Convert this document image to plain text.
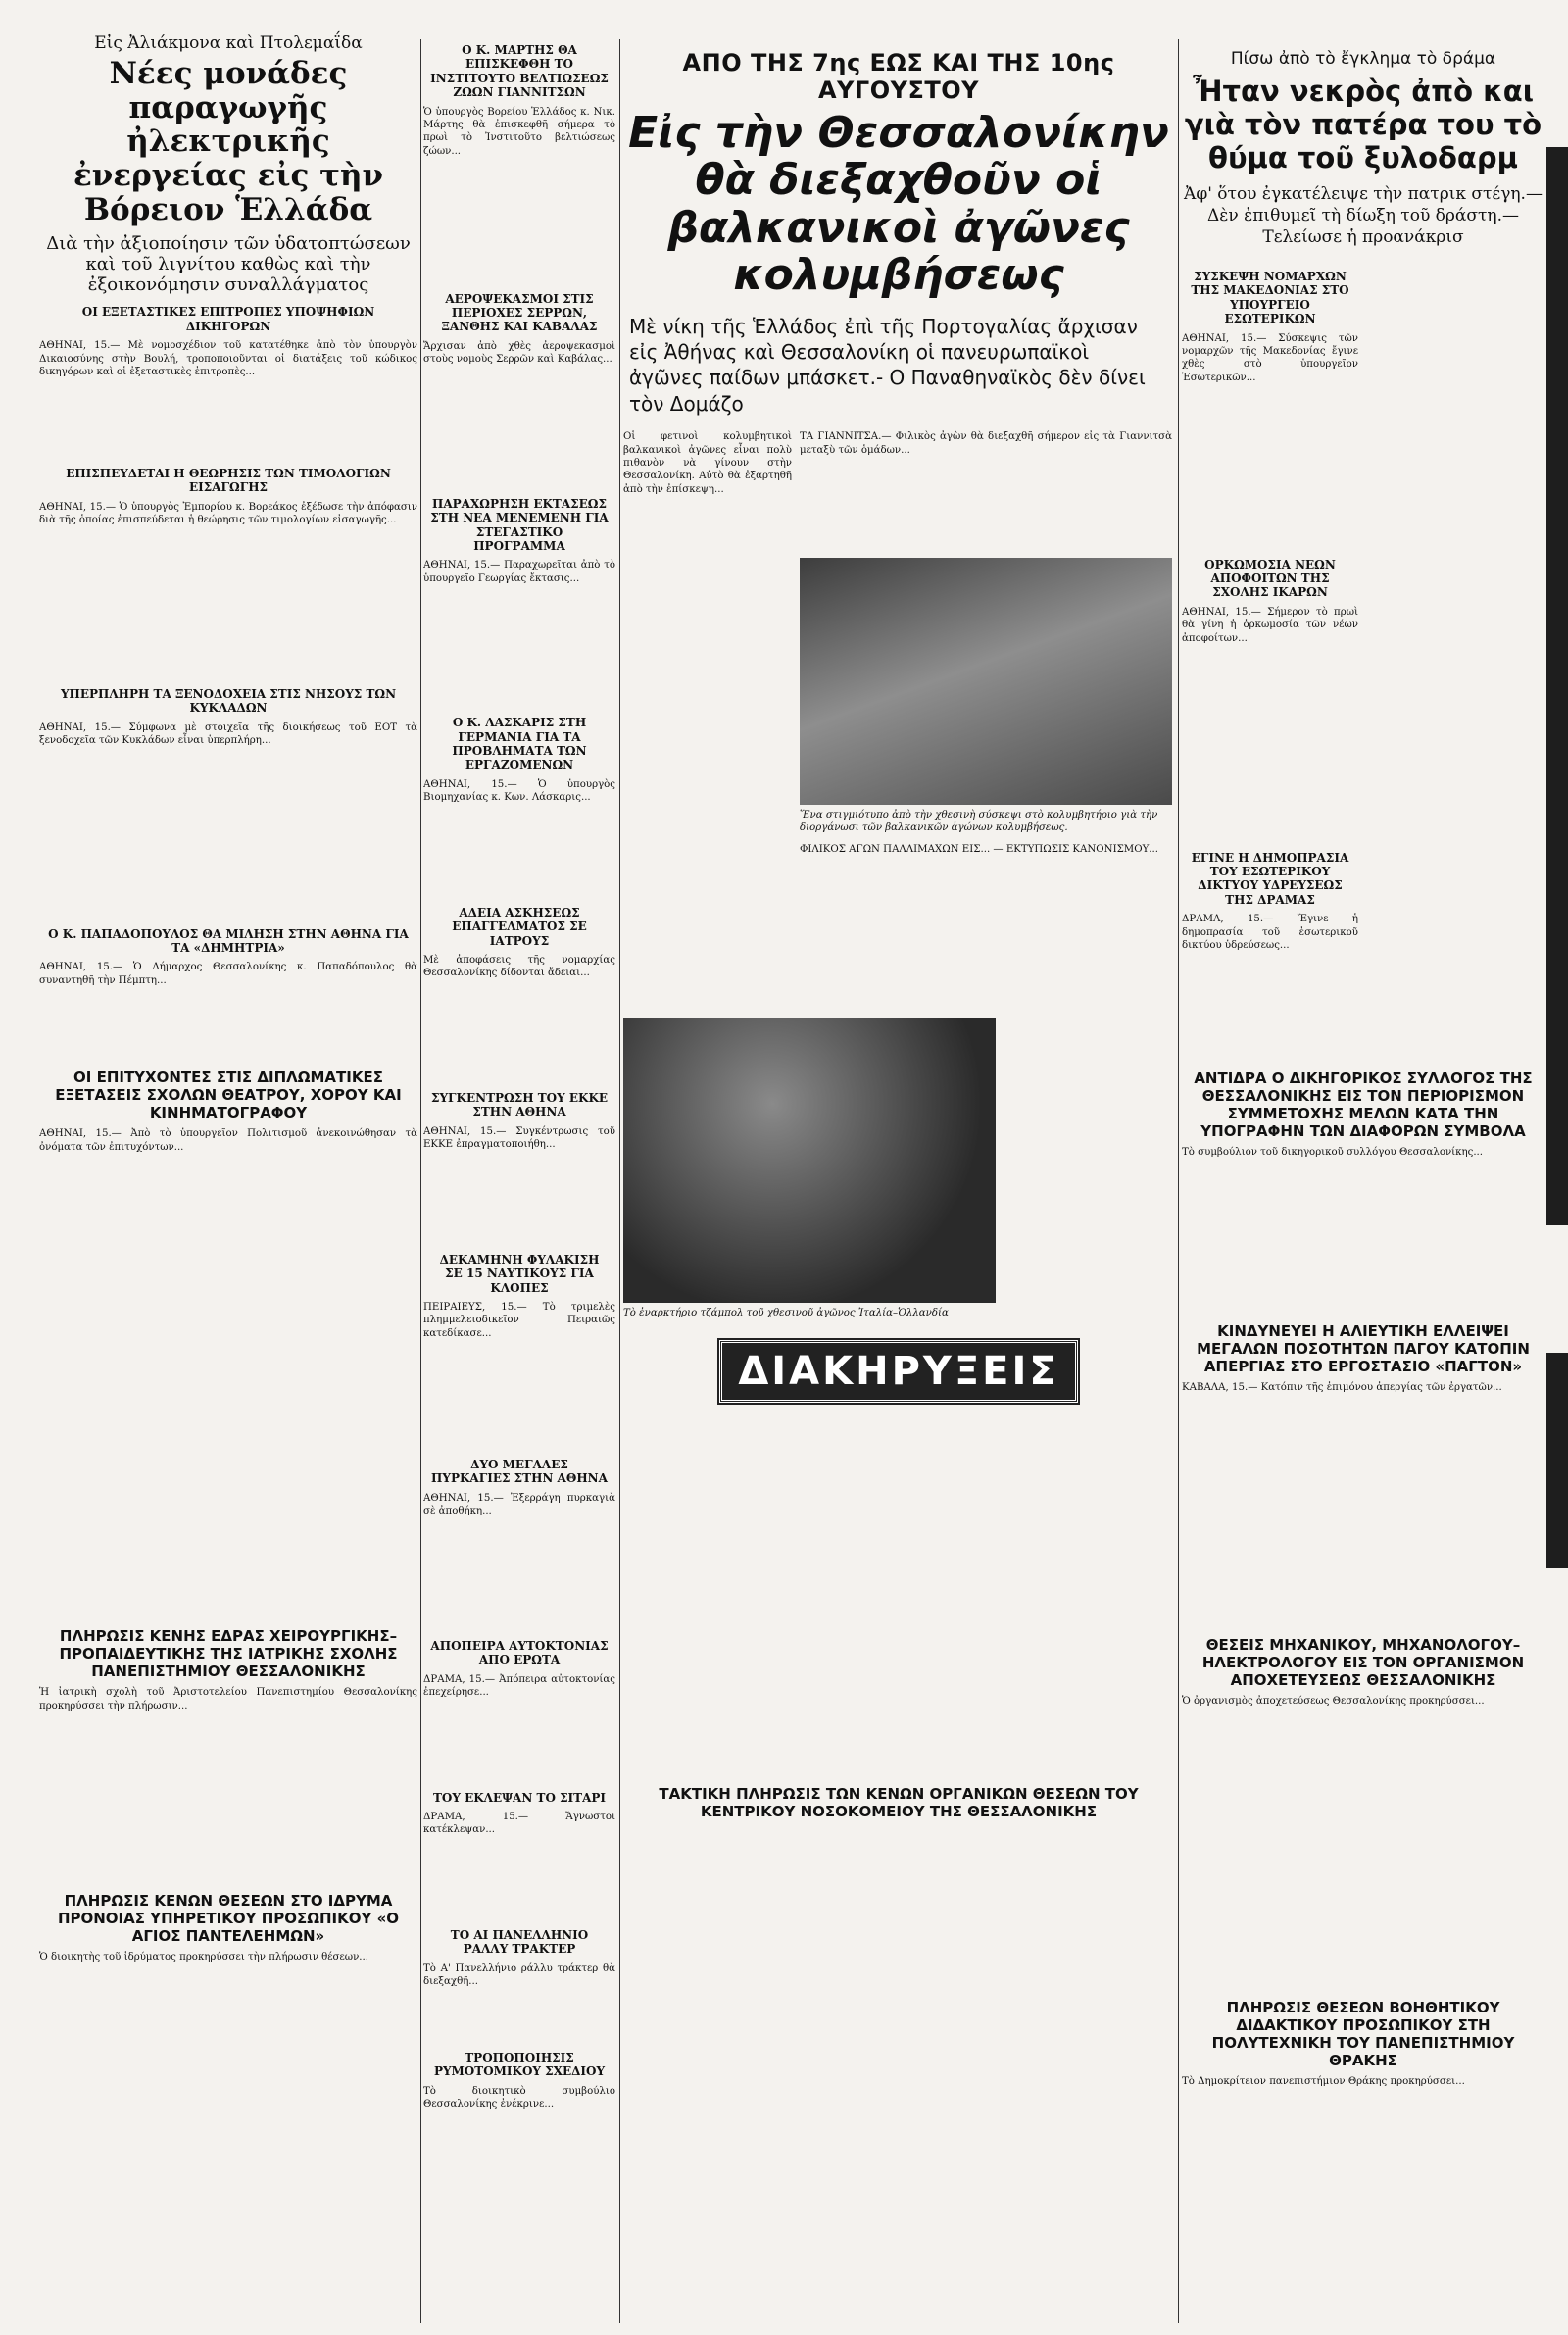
Εἰς Ἀλιάκμονα καὶ Πτολεμαΐδα
Νέες μονάδες παραγωγῆς ἠλεκτρικῆς ἐνεργείας εἰς τὴν Βόρειον Ἑλλάδα
Διὰ τὴν ἀξιοποίησιν τῶν ὑδατοπτώσεων καὶ τοῦ λιγνίτου καθὼς καὶ τὴν ἐξοικονόμησιν συναλλάγματος
ΟΙ ΕΞΕΤΑΣΤΙΚΕΣ ΕΠΙΤΡΟΠΕΣ ΥΠΟΨΗΦΙΩΝ ΔΙΚΗΓΟΡΩΝ

ΑΘΗΝΑΙ, 15.— Μὲ νομοσχέδιον τοῦ κατατέθηκε ἀπὸ τὸν ὑπουργὸν Δικαιοσύνης στὴν Βουλή, τροποποιοῦνται οἱ διατάξεις τοῦ κώδικος δικηγόρων καὶ οἱ ἐξεταστικὲς ἐπιτροπὲς...

ΕΠΙΣΠΕΥΔΕΤΑΙ Η ΘΕΩΡΗΣΙΣ ΤΩΝ ΤΙΜΟΛΟΓΙΩΝ ΕΙΣΑΓΩΓΗΣ

ΑΘΗΝΑΙ, 15.— Ὁ ὑπουργὸς Ἐμπορίου κ. Βορεάκος ἐξέδωσε τὴν ἀπόφασιν διὰ τῆς ὁποίας ἐπισπεύδεται ἡ θεώρησις τῶν τιμολογίων εἰσαγωγῆς...

ΥΠΕΡΠΛΗΡΗ ΤΑ ΞΕΝΟΔΟΧΕΙΑ ΣΤΙΣ ΝΗΣΟΥΣ ΤΩΝ ΚΥΚΛΑΔΩΝ

ΑΘΗΝΑΙ, 15.— Σύμφωνα μὲ στοιχεῖα τῆς διοικήσεως τοῦ ΕΟΤ τὰ ξενοδοχεῖα τῶν Κυκλάδων εἶναι ὑπερπλήρη...

Ο Κ. ΠΑΠΑΔΟΠΟΥΛΟΣ ΘΑ ΜΙΛΗΣΗ ΣΤΗΝ ΑΘΗΝΑ ΓΙΑ ΤΑ «ΔΗΜΗΤΡΙΑ»

ΑΘΗΝΑΙ, 15.— Ὁ Δήμαρχος Θεσσαλονίκης κ. Παπαδόπουλος θὰ συναντηθῆ τὴν Πέμπτη...

ΟΙ ΕΠΙΤΥΧΟΝΤΕΣ ΣΤΙΣ ΔΙΠΛΩΜΑΤΙΚΕΣ ΕΞΕΤΑΣΕΙΣ ΣΧΟΛΩΝ ΘΕΑΤΡΟΥ, ΧΟΡΟΥ ΚΑΙ ΚΙΝΗΜΑΤΟΓΡΑΦΟΥ

ΑΘΗΝΑΙ, 15.— Ἀπὸ τὸ ὑπουργεῖον Πολιτισμοῦ ἀνεκοινώθησαν τὰ ὀνόματα τῶν ἐπιτυχόντων...

ΠΛΗΡΩΣΙΣ ΚΕΝΗΣ ΕΔΡΑΣ ΧΕΙΡΟΥΡΓΙΚΗΣ–ΠΡΟΠΑΙΔΕΥΤΙΚΗΣ ΤΗΣ ΙΑΤΡΙΚΗΣ ΣΧΟΛΗΣ ΠΑΝΕΠΙΣΤΗΜΙΟΥ ΘΕΣΣΑΛΟΝΙΚΗΣ

Ἡ ἰατρικὴ σχολὴ τοῦ Ἀριστοτελείου Πανεπιστημίου Θεσσαλονίκης προκηρύσσει τὴν πλήρωσιν...

ΠΛΗΡΩΣΙΣ ΚΕΝΩΝ ΘΕΣΕΩΝ ΣΤΟ ΙΔΡΥΜΑ ΠΡΟΝΟΙΑΣ ΥΠΗΡΕΤΙΚΟΥ ΠΡΟΣΩΠΙΚΟΥ «Ο ΑΓΙΟΣ ΠΑΝΤΕΛΕΗΜΩΝ»

Ὁ διοικητὴς τοῦ ἱδρύματος προκηρύσσει τὴν πλήρωσιν θέσεων...

Ο Κ. ΜΑΡΤΗΣ ΘΑ ΕΠΙΣΚΕΦΘΗ ΤΟ ΙΝΣΤΙΤΟΥΤΟ ΒΕΛΤΙΩΣΕΩΣ ΖΩΩΝ ΓΙΑΝΝΙΤΣΩΝ

Ὁ ὑπουργὸς Βορείου Ἑλλάδος κ. Νικ. Μάρτης θὰ ἐπισκεφθῆ σήμερα τὸ πρωὶ τὸ Ἰνστιτοῦτο βελτιώσεως ζώων...

ΑΕΡΟΨΕΚΑΣΜΟΙ ΣΤΙΣ ΠΕΡΙΟΧΕΣ ΣΕΡΡΩΝ, ΞΑΝΘΗΣ ΚΑΙ ΚΑΒΑΛΑΣ

Ἄρχισαν ἀπὸ χθὲς ἀεροψεκασμοὶ στοὺς νομοὺς Σερρῶν καὶ Καβάλας...

ΠΑΡΑΧΩΡΗΣΗ ΕΚΤΑΣΕΩΣ ΣΤΗ ΝΕΑ ΜΕΝΕΜΕΝΗ ΓΙΑ ΣΤΕΓΑΣΤΙΚΟ ΠΡΟΓΡΑΜΜΑ

ΑΘΗΝΑΙ, 15.— Παραχωρεῖται ἀπὸ τὸ ὑπουργεῖο Γεωργίας ἔκτασις...

Ο Κ. ΛΑΣΚΑΡΙΣ ΣΤΗ ΓΕΡΜΑΝΙΑ ΓΙΑ ΤΑ ΠΡΟΒΛΗΜΑΤΑ ΤΩΝ ΕΡΓΑΖΟΜΕΝΩΝ

ΑΘΗΝΑΙ, 15.— Ὁ ὑπουργὸς Βιομηχανίας κ. Κων. Λάσκαρις...

ΑΔΕΙΑ ΑΣΚΗΣΕΩΣ ΕΠΑΓΓΕΛΜΑΤΟΣ ΣΕ ΙΑΤΡΟΥΣ

Μὲ ἀποφάσεις τῆς νομαρχίας Θεσσαλονίκης δίδονται ἄδειαι...

ΣΥΓΚΕΝΤΡΩΣΗ ΤΟΥ ΕΚΚΕ ΣΤΗΝ ΑΘΗΝΑ

ΑΘΗΝΑΙ, 15.— Συγκέντρωσις τοῦ ΕΚΚΕ ἐπραγματοποιήθη...

ΔΕΚΑΜΗΝΗ ΦΥΛΑΚΙΣΗ ΣΕ 15 ΝΑΥΤΙΚΟΥΣ ΓΙΑ ΚΛΟΠΕΣ

ΠΕΙΡΑΙΕΥΣ, 15.— Τὸ τριμελὲς πλημμελειοδικεῖον Πειραιῶς κατεδίκασε...

ΔΥΟ ΜΕΓΑΛΕΣ ΠΥΡΚΑΓΙΕΣ ΣΤΗΝ ΑΘΗΝΑ

ΑΘΗΝΑΙ, 15.— Ἐξερράγη πυρκαγιὰ σὲ ἀποθήκη...

ΑΠΟΠΕΙΡΑ ΑΥΤΟΚΤΟΝΙΑΣ ΑΠΟ ΕΡΩΤΑ

ΔΡΑΜΑ, 15.— Ἀπόπειρα αὐτοκτονίας ἐπεχείρησε...

ΤΟΥ ΕΚΛΕΨΑΝ ΤΟ ΣΙΤΑΡΙ

ΔΡΑΜΑ, 15.— Ἄγνωστοι κατέκλεψαν...

ΤΟ ΑΙ ΠΑΝΕΛΛΗΝΙΟ ΡΑΛΛΥ ΤΡΑΚΤΕΡ

Τὸ Α' Πανελλήνιο ράλλυ τράκτερ θὰ διεξαχθῆ...

ΤΡΟΠΟΠΟΙΗΣΙΣ ΡΥΜΟΤΟΜΙΚΟΥ ΣΧΕΔΙΟΥ

Τὸ διοικητικὸ συμβούλιο Θεσσαλονίκης ἐνέκρινε...

ΑΠΟ ΤΗΣ 7ης ΕΩΣ ΚΑΙ ΤΗΣ 10ης ΑΥΓΟΥΣΤΟΥ
Εἰς τὴν Θεσσαλονίκην θὰ διεξαχθοῦν οἱ βαλκανικοὶ ἀγῶνες κολυμβήσεως
Μὲ νίκη τῆς Ἑλλάδος ἐπὶ τῆς Πορτογαλίας ἄρχισαν εἰς Ἀθήνας καὶ Θεσσαλονίκη οἱ πανευρωπαϊκοὶ ἀγῶνες παίδων μπάσκετ.- Ο Παναθηναϊκὸς δὲν δίνει τὸν Δομάζο

Οἱ φετινοὶ κολυμβητικοὶ βαλκανικοὶ ἀγῶνες εἶναι πολὺ πιθανὸν νὰ γίνουν στὴν Θεσσαλονίκη. Αὐτὸ θὰ ἐξαρτηθῆ ἀπὸ τὴν ἐπίσκεψη...

ΤΑ ΓΙΑΝΝΙΤΣΑ.— Φιλικὸς ἀγὼν θὰ διεξαχθῆ σήμερον εἰς τὰ Γιαννιτσὰ μεταξὺ τῶν ὁμάδων...

Ἕνα στιγμιότυπο ἀπὸ τὴν χθεσινὴ σύσκεψι στὸ κολυμβητήριο γιὰ τὴν διοργάνωσι τῶν βαλκανικῶν ἀγώνων κολυμβήσεως.

ΦΙΛΙΚΟΣ ΑΓΩΝ ΠΑΛΛΙΜΑΧΩΝ ΕΙΣ... — ΕΚΤΥΠΩΣΙΣ ΚΑΝΟΝΙΣΜΟΥ...

Τὸ ἐναρκτήριο τζάμπολ τοῦ χθεσινοῦ ἀγῶνος Ἰταλία–Ὁλλανδία

ΔΙΑΚΗΡΥΞΕΙΣ

ΤΑΚΤΙΚΗ ΠΛΗΡΩΣΙΣ ΤΩΝ ΚΕΝΩΝ ΟΡΓΑΝΙΚΩΝ ΘΕΣΕΩΝ ΤΟΥ ΚΕΝΤΡΙΚΟΥ ΝΟΣΟΚΟΜΕΙΟΥ ΤΗΣ ΘΕΣΣΑΛΟΝΙΚΗΣ

Πίσω ἀπὸ τὸ ἔγκλημα τὸ δράμα
Ἦταν νεκρὸς ἀπὸ και γιὰ τὸν πατέρα του τὸ θύμα τοῦ ξυλοδαρμ
Ἀφ' ὅτου ἐγκατέλειψε τὴν πατρικ στέγη.— Δὲν ἐπιθυμεῖ τὴ δίωξη τοῦ δράστη.— Τελείωσε ἡ προανάκρισ
ΣΥΣΚΕΨΗ ΝΟΜΑΡΧΩΝ ΤΗΣ ΜΑΚΕΔΟΝΙΑΣ ΣΤΟ ΥΠΟΥΡΓΕΙΟ ΕΣΩΤΕΡΙΚΩΝ

ΑΘΗΝΑΙ, 15.— Σύσκεψις τῶν νομαρχῶν τῆς Μακεδονίας ἔγινε χθὲς στὸ ὑπουργεῖον Ἐσωτερικῶν...

ΟΡΚΩΜΟΣΙΑ ΝΕΩΝ ΑΠΟΦΟΙΤΩΝ ΤΗΣ ΣΧΟΛΗΣ ΙΚΑΡΩΝ

ΑΘΗΝΑΙ, 15.— Σήμερον τὸ πρωὶ θὰ γίνη ἡ ὁρκωμοσία τῶν νέων ἀποφοίτων...

ΕΓΙΝΕ Η ΔΗΜΟΠΡΑΣΙΑ ΤΟΥ ΕΣΩΤΕΡΙΚΟΥ ΔΙΚΤΥΟΥ ΥΔΡΕΥΣΕΩΣ ΤΗΣ ΔΡΑΜΑΣ

ΔΡΑΜΑ, 15.— Ἔγινε ἡ δημοπρασία τοῦ ἐσωτερικοῦ δικτύου ὑδρεύσεως...

ΑΝΤΙΔΡΑ Ο ΔΙΚΗΓΟΡΙΚΟΣ ΣΥΛΛΟΓΟΣ ΤΗΣ ΘΕΣΣΑΛΟΝΙΚΗΣ ΕΙΣ ΤΟΝ ΠΕΡΙΟΡΙΣΜΟΝ ΣΥΜΜΕΤΟΧΗΣ ΜΕΛΩΝ ΚΑΤΑ ΤΗΝ ΥΠΟΓΡΑΦΗΝ ΤΩΝ ΔΙΑΦΟΡΩΝ ΣΥΜΒΟΛΑ

Τὸ συμβούλιον τοῦ δικηγορικοῦ συλλόγου Θεσσαλονίκης...

ΚΙΝΔΥΝΕΥΕΙ Η ΑΛΙΕΥΤΙΚΗ ΕΛΛΕΙΨΕΙ ΜΕΓΑΛΩΝ ΠΟΣΟΤΗΤΩΝ ΠΑΓΟΥ ΚΑΤΟΠΙΝ ΑΠΕΡΓΙΑΣ ΣΤΟ ΕΡΓΟΣΤΑΣΙΟ «ΠΑΓΤΟΝ»

ΚΑΒΑΛΑ, 15.— Κατόπιν τῆς ἐπιμόνου ἀπεργίας τῶν ἐργατῶν...

ΘΕΣΕΙΣ ΜΗΧΑΝΙΚΟΥ, ΜΗΧΑΝΟΛΟΓΟΥ–ΗΛΕΚΤΡΟΛΟΓΟΥ ΕΙΣ ΤΟΝ ΟΡΓΑΝΙΣΜΟΝ ΑΠΟΧΕΤΕΥΣΕΩΣ ΘΕΣΣΑΛΟΝΙΚΗΣ

Ὁ ὀργανισμὸς ἀποχετεύσεως Θεσσαλονίκης προκηρύσσει...

ΠΛΗΡΩΣΙΣ ΘΕΣΕΩΝ ΒΟΗΘΗΤΙΚΟΥ ΔΙΔΑΚΤΙΚΟΥ ΠΡΟΣΩΠΙΚΟΥ ΣΤΗ ΠΟΛΥΤΕΧΝΙΚΗ ΤΟΥ ΠΑΝΕΠΙΣΤΗΜΙΟΥ ΘΡΑΚΗΣ

Τὸ Δημοκρίτειον πανεπιστήμιον Θράκης προκηρύσσει...
